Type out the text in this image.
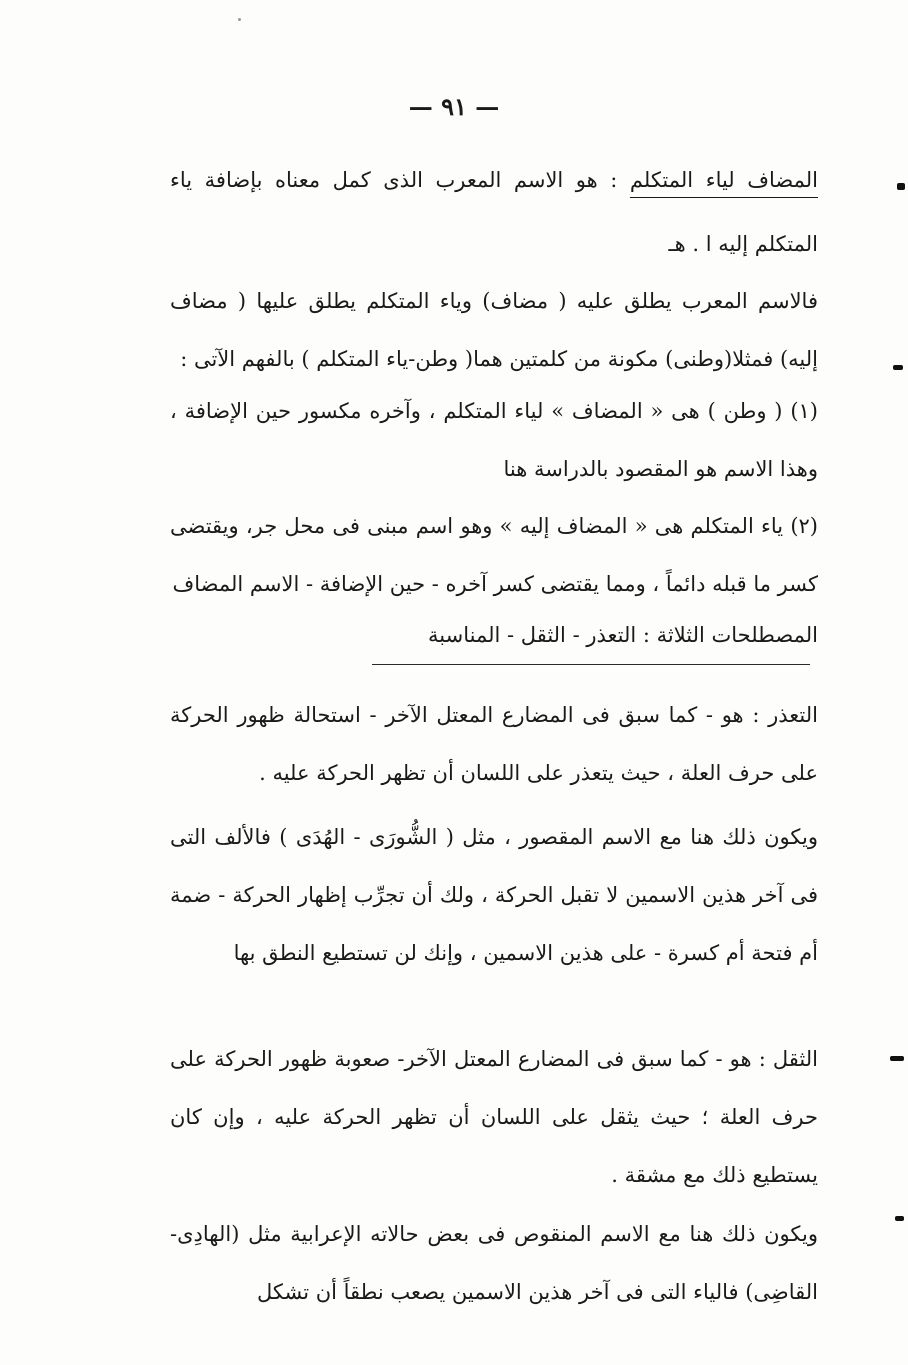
— ٩١ —

المضاف لياء المتكلم : هو الاسم المعرب الذى كمل معناه بإضافة ياء المتكلم إليه ا . هـ

فالاسم المعرب يطلق عليه ( مضاف) وياء المتكلم يطلق عليها ( مضاف إليه) فمثلا(وطنى) مكونة من كلمتين هما( وطن-ياء المتكلم ) بالفهم الآتى :

(١) ( وطن ) هى « المضاف » لياء المتكلم ، وآخره مكسور حين الإضافة ، وهذا الاسم هو المقصود بالدراسة هنا

(٢) ياء المتكلم هى « المضاف إليه » وهو اسم مبنى فى محل جر، ويقتضى كسر ما قبله دائماً ، ومما يقتضى كسر آخره - حين الإضافة - الاسم المضاف

المصطلحات الثلاثة : التعذر - الثقل - المناسبة

التعذر : هو - كما سبق فى المضارع المعتل الآخر - استحالة ظهور الحركة على حرف العلة ، حيث يتعذر على اللسان أن تظهر الحركة عليه .

ويكون ذلك هنا مع الاسم المقصور ، مثل ( الشُّورَى - الهُدَى ) فالألف التى فى آخر هذين الاسمين لا تقبل الحركة ، ولك أن تجرِّب إظهار الحركة - ضمة أم فتحة أم كسرة - على هذين الاسمين ، وإنك لن تستطيع النطق بها

الثقل : هو - كما سبق فى المضارع المعتل الآخر- صعوبة ظهور الحركة على حرف العلة ؛ حيث يثقل على اللسان أن تظهر الحركة عليه ، وإن كان يستطيع ذلك مع مشقة .

ويكون ذلك هنا مع الاسم المنقوص فى بعض حالاته الإعرابية مثل (الهادِى-القاضِى) فالياء التى فى آخر هذين الاسمين يصعب نطقاً أن تشكل
